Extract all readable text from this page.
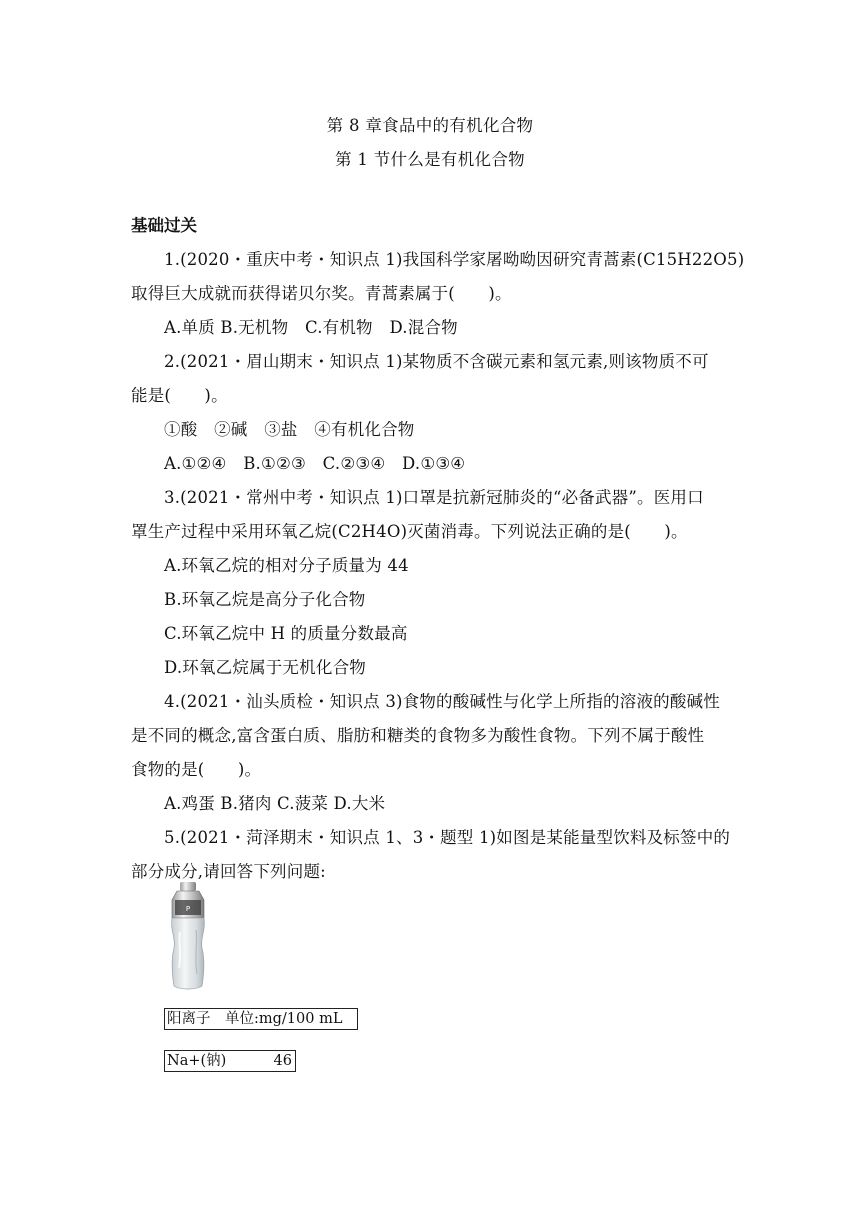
第 8 章食品中的有机化合物
第 1 节什么是有机化合物
基础过关
1.(2020・重庆中考・知识点 1)我国科学家屠呦呦因研究青蒿素(C15H22O5)
取得巨大成就而获得诺贝尔奖。青蒿素属于(　　)。
A.单质 B.无机物　C.有机物　D.混合物
2.(2021・眉山期末・知识点 1)某物质不含碳元素和氢元素,则该物质不可
能是(　　)。
①酸　②碱　③盐　④有机化合物
A.①②④　B.①②③　C.②③④　D.①③④
3.(2021・常州中考・知识点 1)口罩是抗新冠肺炎的“必备武器”。医用口
罩生产过程中采用环氧乙烷(C2H4O)灭菌消毒。下列说法正确的是(　　)。
A.环氧乙烷的相对分子质量为 44
B.环氧乙烷是高分子化合物
C.环氧乙烷中 H 的质量分数最高
D.环氧乙烷属于无机化合物
4.(2021・汕头质检・知识点 3)食物的酸碱性与化学上所指的溶液的酸碱性
是不同的概念,富含蛋白质、脂肪和糖类的食物多为酸性食物。下列不属于酸性
食物的是(　　)。
A.鸡蛋 B.猪肉 C.菠菜 D.大米
5.(2021・菏泽期末・知识点 1、3・题型 1)如图是某能量型饮料及标签中的
部分成分,请回答下列问题:
P
阳离子　单位:mg/100 mL
Na+(钠)	46
